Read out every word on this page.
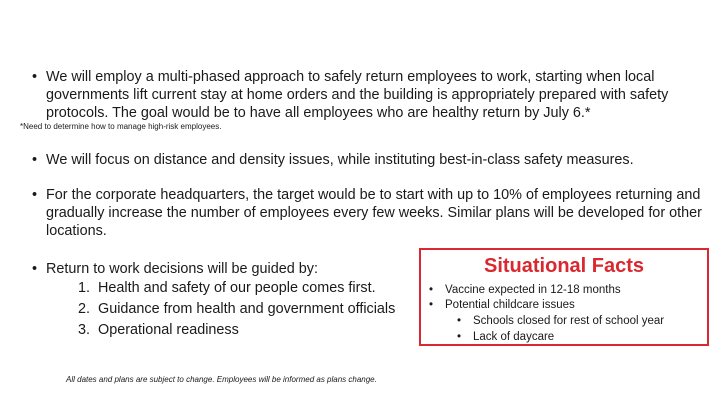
• We will employ a multi-phased approach to safely return employees to work, starting when local governments lift current stay at home orders and the building is appropriately prepared with safety protocols. The goal would be to have all employees who are healthy return by July 6.*
*Need to determine how to manage high-risk employees.
• We will focus on distance and density issues, while instituting best-in-class safety measures.
• For the corporate headquarters, the target would be to start with up to 10% of employees returning and gradually increase the number of employees every few weeks. Similar plans will be developed for other locations.
• Return to work decisions will be guided by:
1. Health and safety of our people comes first.
2. Guidance from health and government officials
3. Operational readiness
Situational Facts
• Vaccine expected in 12-18 months
• Potential childcare issues
• Schools closed for rest of school year
• Lack of daycare
All dates and plans are subject to change. Employees will be informed as plans change.
